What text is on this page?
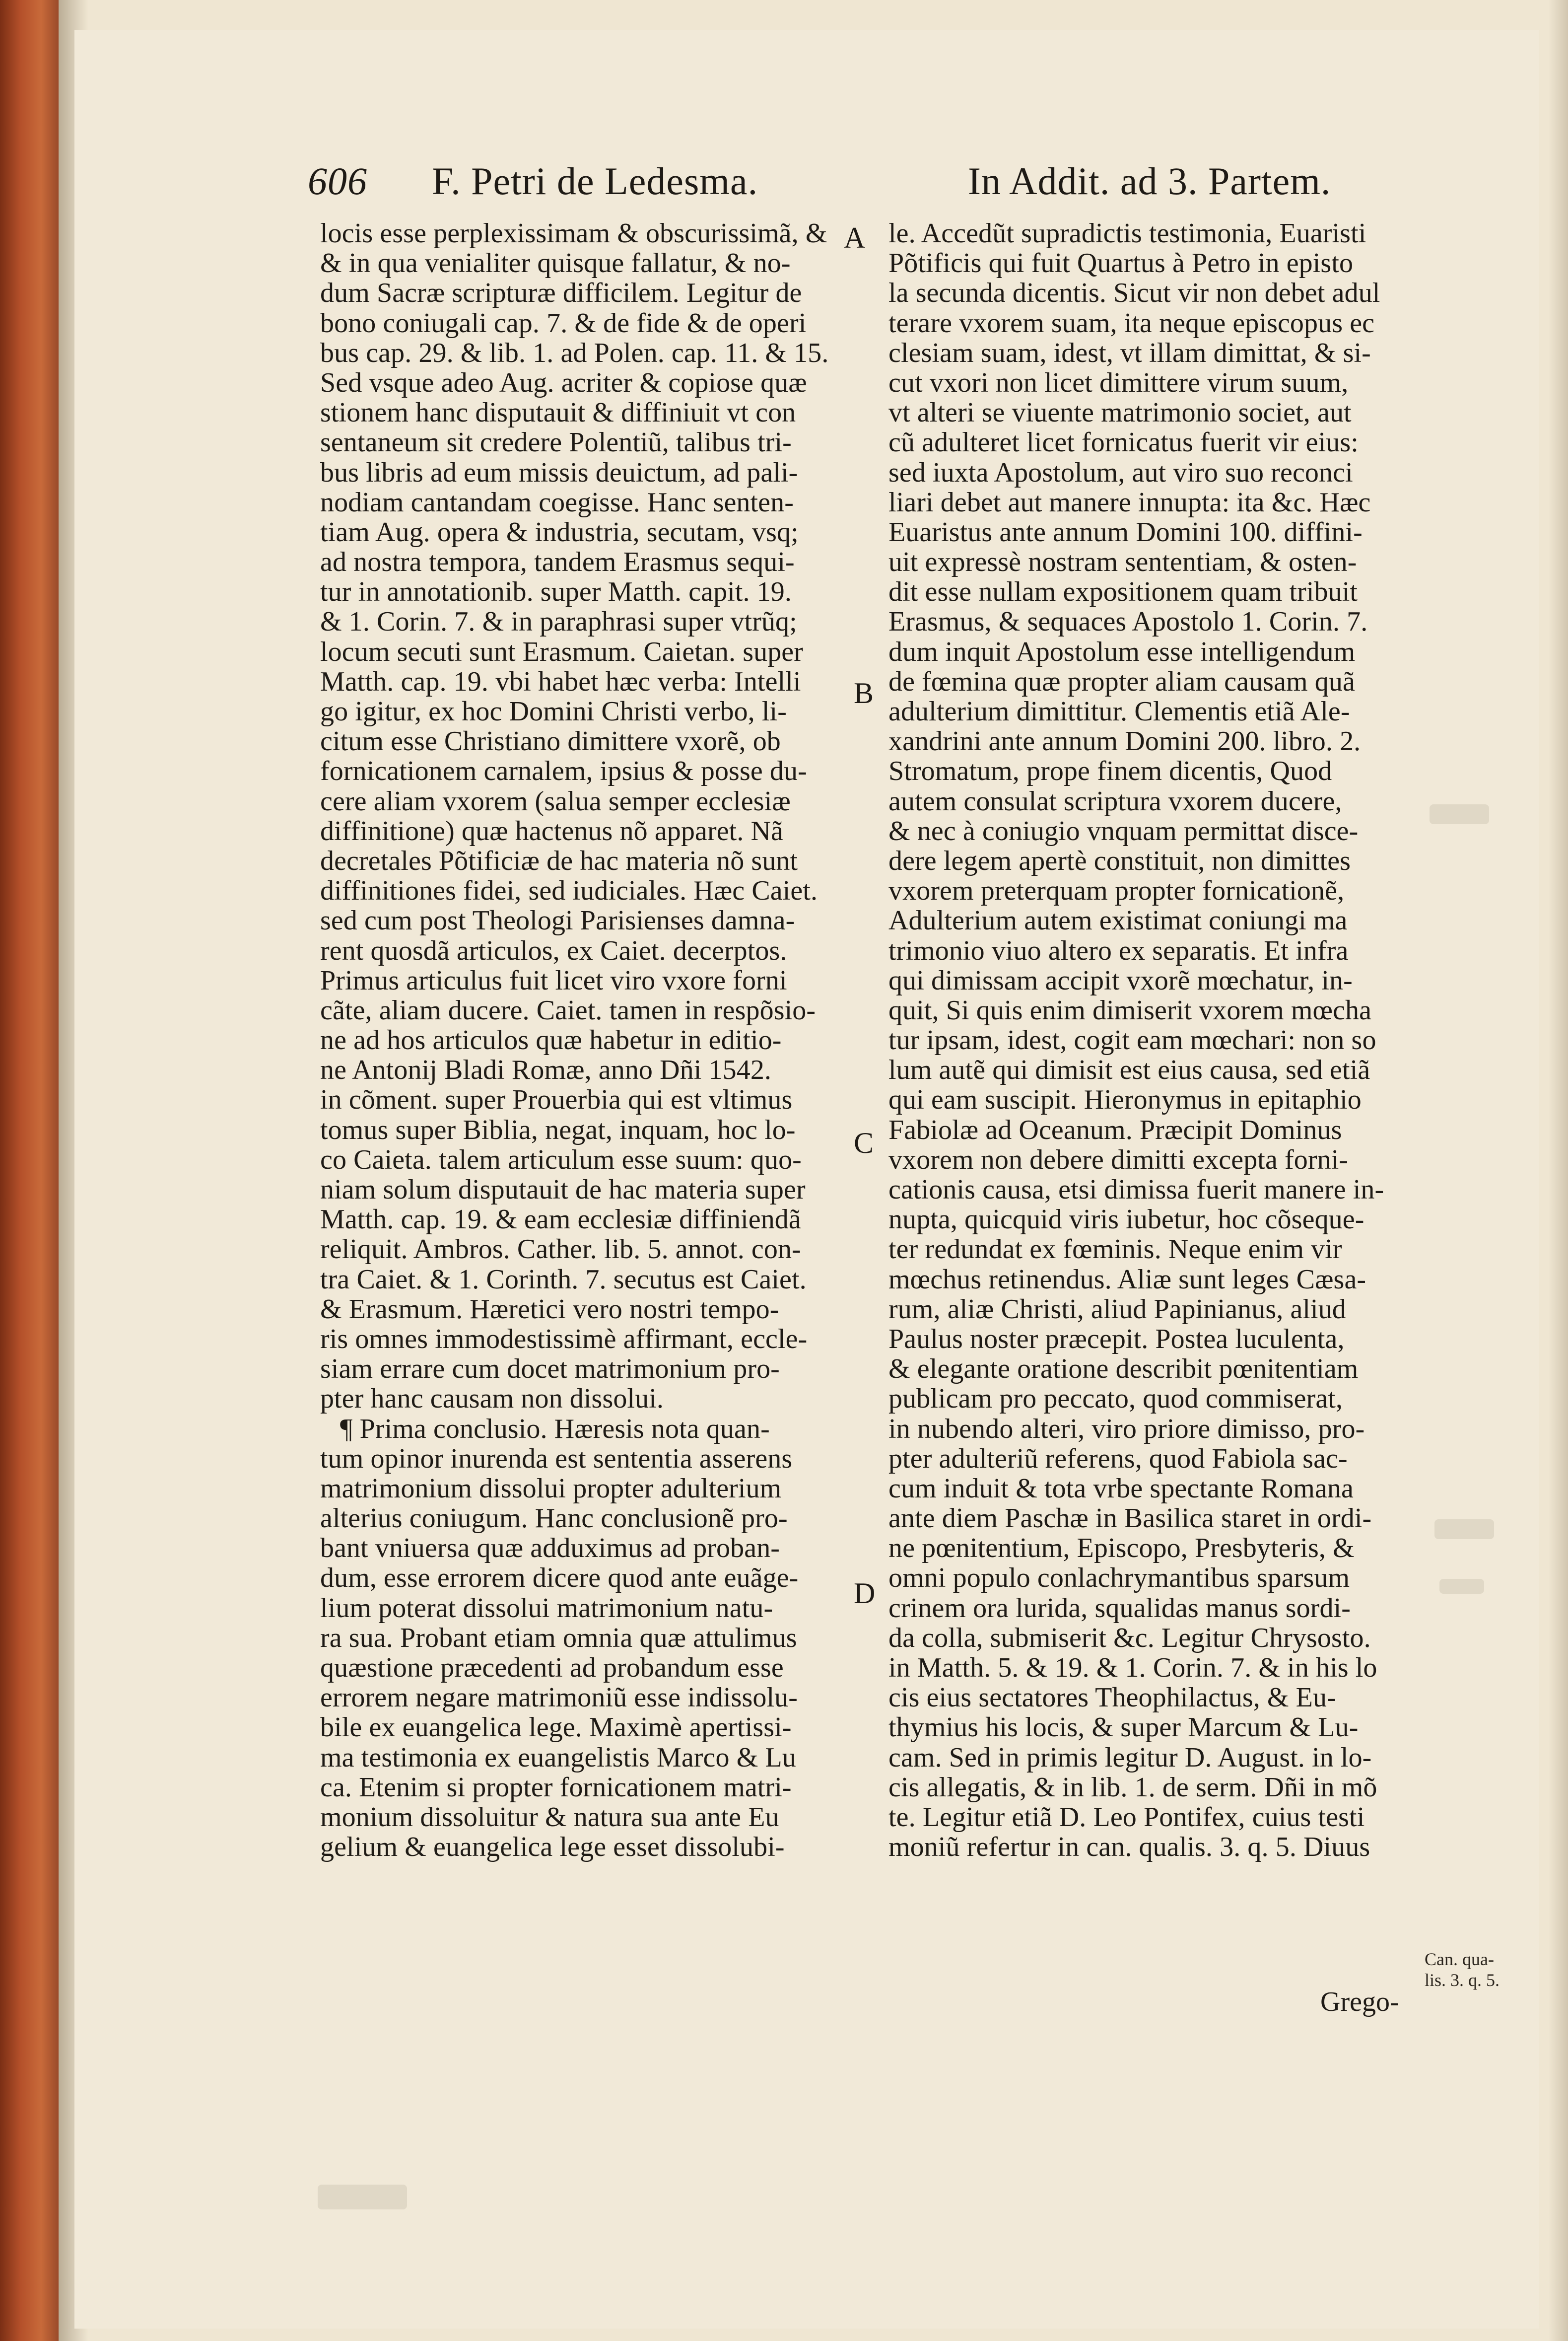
606 F. Petri de Ledesma.	In Addit. ad 3. Partem.
A
B
C
D
locis esse perplexissimam & obscurissimã, &
& in qua venialiter quisque fallatur, & no-
dum Sacræ scripturæ difficilem. Legitur de
bono coniugali cap. 7. & de fide & de operi
bus cap. 29. & lib. 1. ad Polen. cap. 11. & 15.
Sed vsque adeo Aug. acriter & copiose quæ
stionem hanc disputauit & diffiniuit vt con
sentaneum sit credere Polentiũ, talibus tri-
bus libris ad eum missis deuictum, ad pali-
nodiam cantandam coegisse. Hanc senten-
tiam Aug. opera & industria, secutam, vsq;
ad nostra tempora, tandem Erasmus sequi-
tur in annotationib. super Matth. capit. 19.
& 1. Corin. 7. & in paraphrasi super vtrũq;
locum secuti sunt Erasmum. Caietan. super
Matth. cap. 19. vbi habet hæc verba: Intelli
go igitur, ex hoc Domini Christi verbo, li-
citum esse Christiano dimittere vxorẽ, ob
fornicationem carnalem, ipsius & posse du-
cere aliam vxorem (salua semper ecclesiæ
diffinitione) quæ hactenus nõ apparet. Nã
decretales Põtificiæ de hac materia nõ sunt
diffinitiones fidei, sed iudiciales. Hæc Caiet.
sed cum post Theologi Parisienses damna-
rent quosdã articulos, ex Caiet. decerptos.
Primus articulus fuit licet viro vxore forni
cãte, aliam ducere. Caiet. tamen in respõsio-
ne ad hos articulos quæ habetur in editio-
ne Antonij Bladi Romæ, anno Dñi 1542.
in cõment. super Prouerbia qui est vltimus
tomus super Biblia, negat, inquam, hoc lo-
co Caieta. talem articulum esse suum: quo-
niam solum disputauit de hac materia super
Matth. cap. 19. & eam ecclesiæ diffiniendã
reliquit. Ambros. Cather. lib. 5. annot. con-
tra Caiet. & 1. Corinth. 7. secutus est Caiet.
& Erasmum. Hæretici vero nostri tempo-
ris omnes immodestissimè affirmant, eccle-
siam errare cum docet matrimonium pro-
pter hanc causam non dissolui.
¶ Prima conclusio. Hæresis nota quan-
tum opinor inurenda est sententia asserens
matrimonium dissolui propter adulterium
alterius coniugum. Hanc conclusionẽ pro-
bant vniuersa quæ adduximus ad proban-
dum, esse errorem dicere quod ante euãge-
lium poterat dissolui matrimonium natu-
ra sua. Probant etiam omnia quæ attulimus
quæstione præcedenti ad probandum esse
errorem negare matrimoniũ esse indissolu-
bile ex euangelica lege. Maximè apertissi-
ma testimonia ex euangelistis Marco & Lu
ca. Etenim si propter fornicationem matri-
monium dissoluitur & natura sua ante Eu
gelium & euangelica lege esset dissolubi-
le. Accedũt supradictis testimonia, Euaristi
Põtificis qui fuit Quartus à Petro in episto
la secunda dicentis. Sicut vir non debet adul
terare vxorem suam, ita neque episcopus ec
clesiam suam, idest, vt illam dimittat, & si-
cut vxori non licet dimittere virum suum,
vt alteri se viuente matrimonio societ, aut
cũ adulteret licet fornicatus fuerit vir eius:
sed iuxta Apostolum, aut viro suo reconci
liari debet aut manere innupta: ita &c. Hæc
Euaristus ante annum Domini 100. diffini-
uit expressè nostram sententiam, & osten-
dit esse nullam expositionem quam tribuit
Erasmus, & sequaces Apostolo 1. Corin. 7.
dum inquit Apostolum esse intelligendum
de fœmina quæ propter aliam causam quã
adulterium dimittitur. Clementis etiã Ale-
xandrini ante annum Domini 200. libro. 2.
Stromatum, prope finem dicentis, Quod
autem consulat scriptura vxorem ducere,
& nec à coniugio vnquam permittat disce-
dere legem apertè constituit, non dimittes
vxorem preterquam propter fornicationẽ,
Adulterium autem existimat coniungi ma
trimonio viuo altero ex separatis. Et infra
qui dimissam accipit vxorẽ mœchatur, in-
quit, Si quis enim dimiserit vxorem mœcha
tur ipsam, idest, cogit eam mœchari: non so
lum autẽ qui dimisit est eius causa, sed etiã
qui eam suscipit. Hieronymus in epitaphio
Fabiolæ ad Oceanum. Præcipit Dominus
vxorem non debere dimitti excepta forni-
cationis causa, etsi dimissa fuerit manere in-
nupta, quicquid viris iubetur, hoc cõseque-
ter redundat ex fœminis. Neque enim vir
mœchus retinendus. Aliæ sunt leges Cæsa-
rum, aliæ Christi, aliud Papinianus, aliud
Paulus noster præcepit. Postea luculenta,
& elegante oratione describit pœnitentiam
publicam pro peccato, quod commiserat,
in nubendo alteri, viro priore dimisso, pro-
pter adulteriũ referens, quod Fabiola sac-
cum induit & tota vrbe spectante Romana
ante diem Paschæ in Basilica staret in ordi-
ne pœnitentium, Episcopo, Presbyteris, &
omni populo conlachrymantibus sparsum
crinem ora lurida, squalidas manus sordi-
da colla, submiserit &c. Legitur Chrysosto.
in Matth. 5. & 19. & 1. Corin. 7. & in his lo
cis eius sectatores Theophilactus, & Eu-
thymius his locis, & super Marcum & Lu-
cam. Sed in primis legitur D. August. in lo-
cis allegatis, & in lib. 1. de serm. Dñi in mõ
te. Legitur etiã D. Leo Pontifex, cuius testi
moniũ refertur in can. qualis. 3. q. 5. Diuus
Grego-
Can. qua-
lis. 3. q. 5.
